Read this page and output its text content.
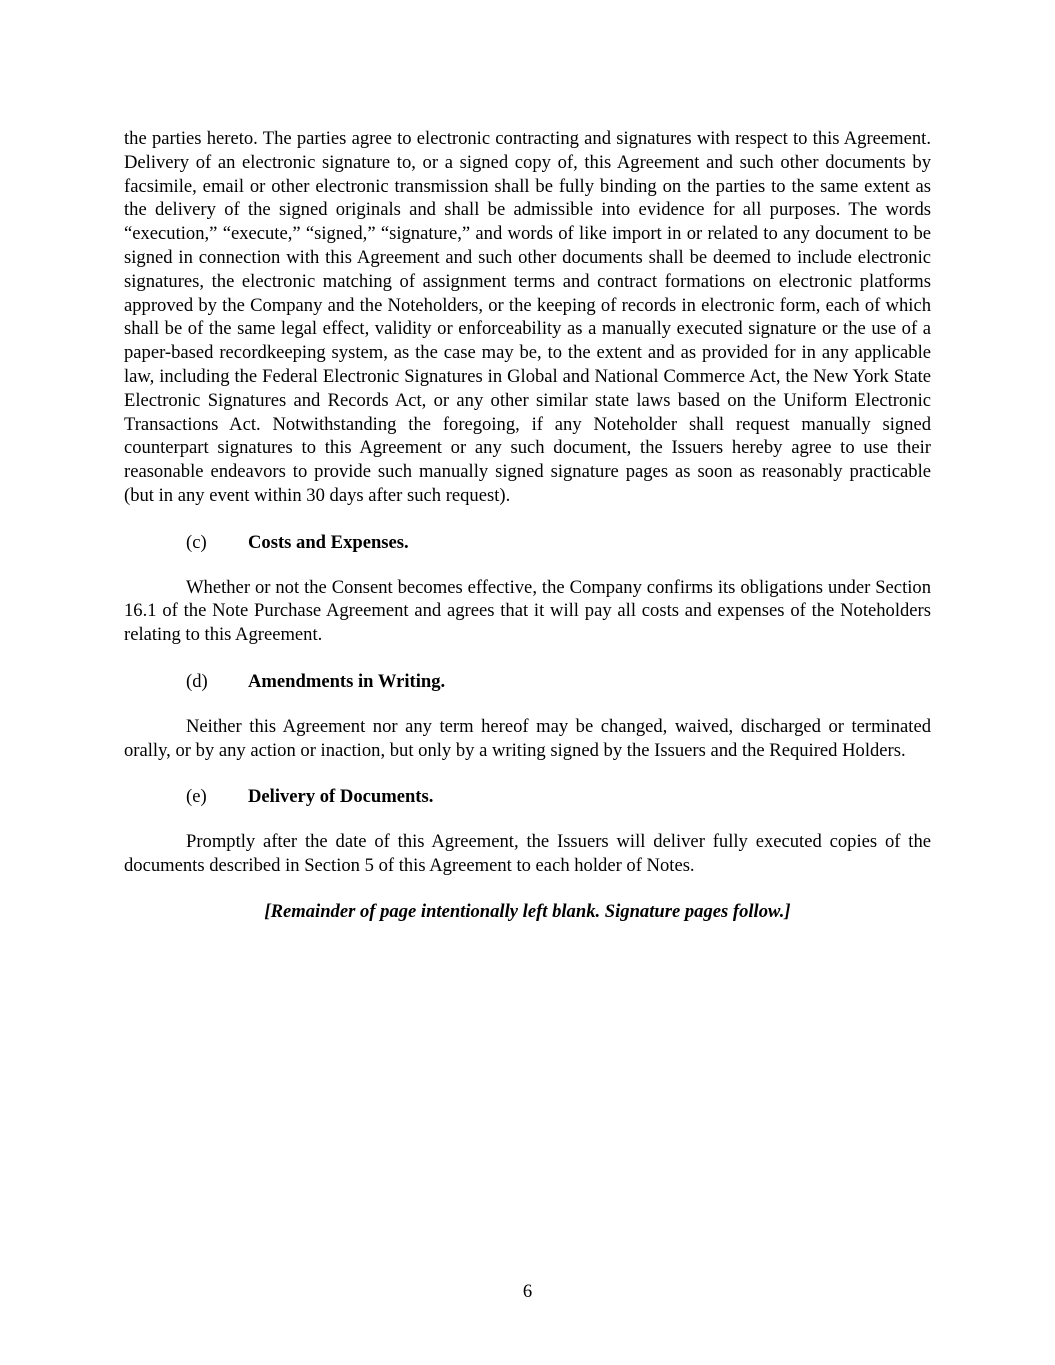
the parties hereto. The parties agree to electronic contracting and signatures with respect to this Agreement. Delivery of an electronic signature to, or a signed copy of, this Agreement and such other documents by facsimile, email or other electronic transmission shall be fully binding on the parties to the same extent as the delivery of the signed originals and shall be admissible into evidence for all purposes. The words “execution,” “execute,” “signed,” “signature,” and words of like import in or related to any document to be signed in connection with this Agreement and such other documents shall be deemed to include electronic signatures, the electronic matching of assignment terms and contract formations on electronic platforms approved by the Company and the Noteholders, or the keeping of records in electronic form, each of which shall be of the same legal effect, validity or enforceability as a manually executed signature or the use of a paper-based recordkeeping system, as the case may be, to the extent and as provided for in any applicable law, including the Federal Electronic Signatures in Global and National Commerce Act, the New York State Electronic Signatures and Records Act, or any other similar state laws based on the Uniform Electronic Transactions Act. Notwithstanding the foregoing, if any Noteholder shall request manually signed counterpart signatures to this Agreement or any such document, the Issuers hereby agree to use their reasonable endeavors to provide such manually signed signature pages as soon as reasonably practicable (but in any event within 30 days after such request).

(c)	Costs and Expenses.

Whether or not the Consent becomes effective, the Company confirms its obligations under Section 16.1 of the Note Purchase Agreement and agrees that it will pay all costs and expenses of the Noteholders relating to this Agreement.

(d)	Amendments in Writing.

Neither this Agreement nor any term hereof may be changed, waived, discharged or terminated orally, or by any action or inaction, but only by a writing signed by the Issuers and the Required Holders.

(e)	Delivery of Documents.

Promptly after the date of this Agreement, the Issuers will deliver fully executed copies of the documents described in Section 5 of this Agreement to each holder of Notes.

[Remainder of page intentionally left blank. Signature pages follow.]

6
